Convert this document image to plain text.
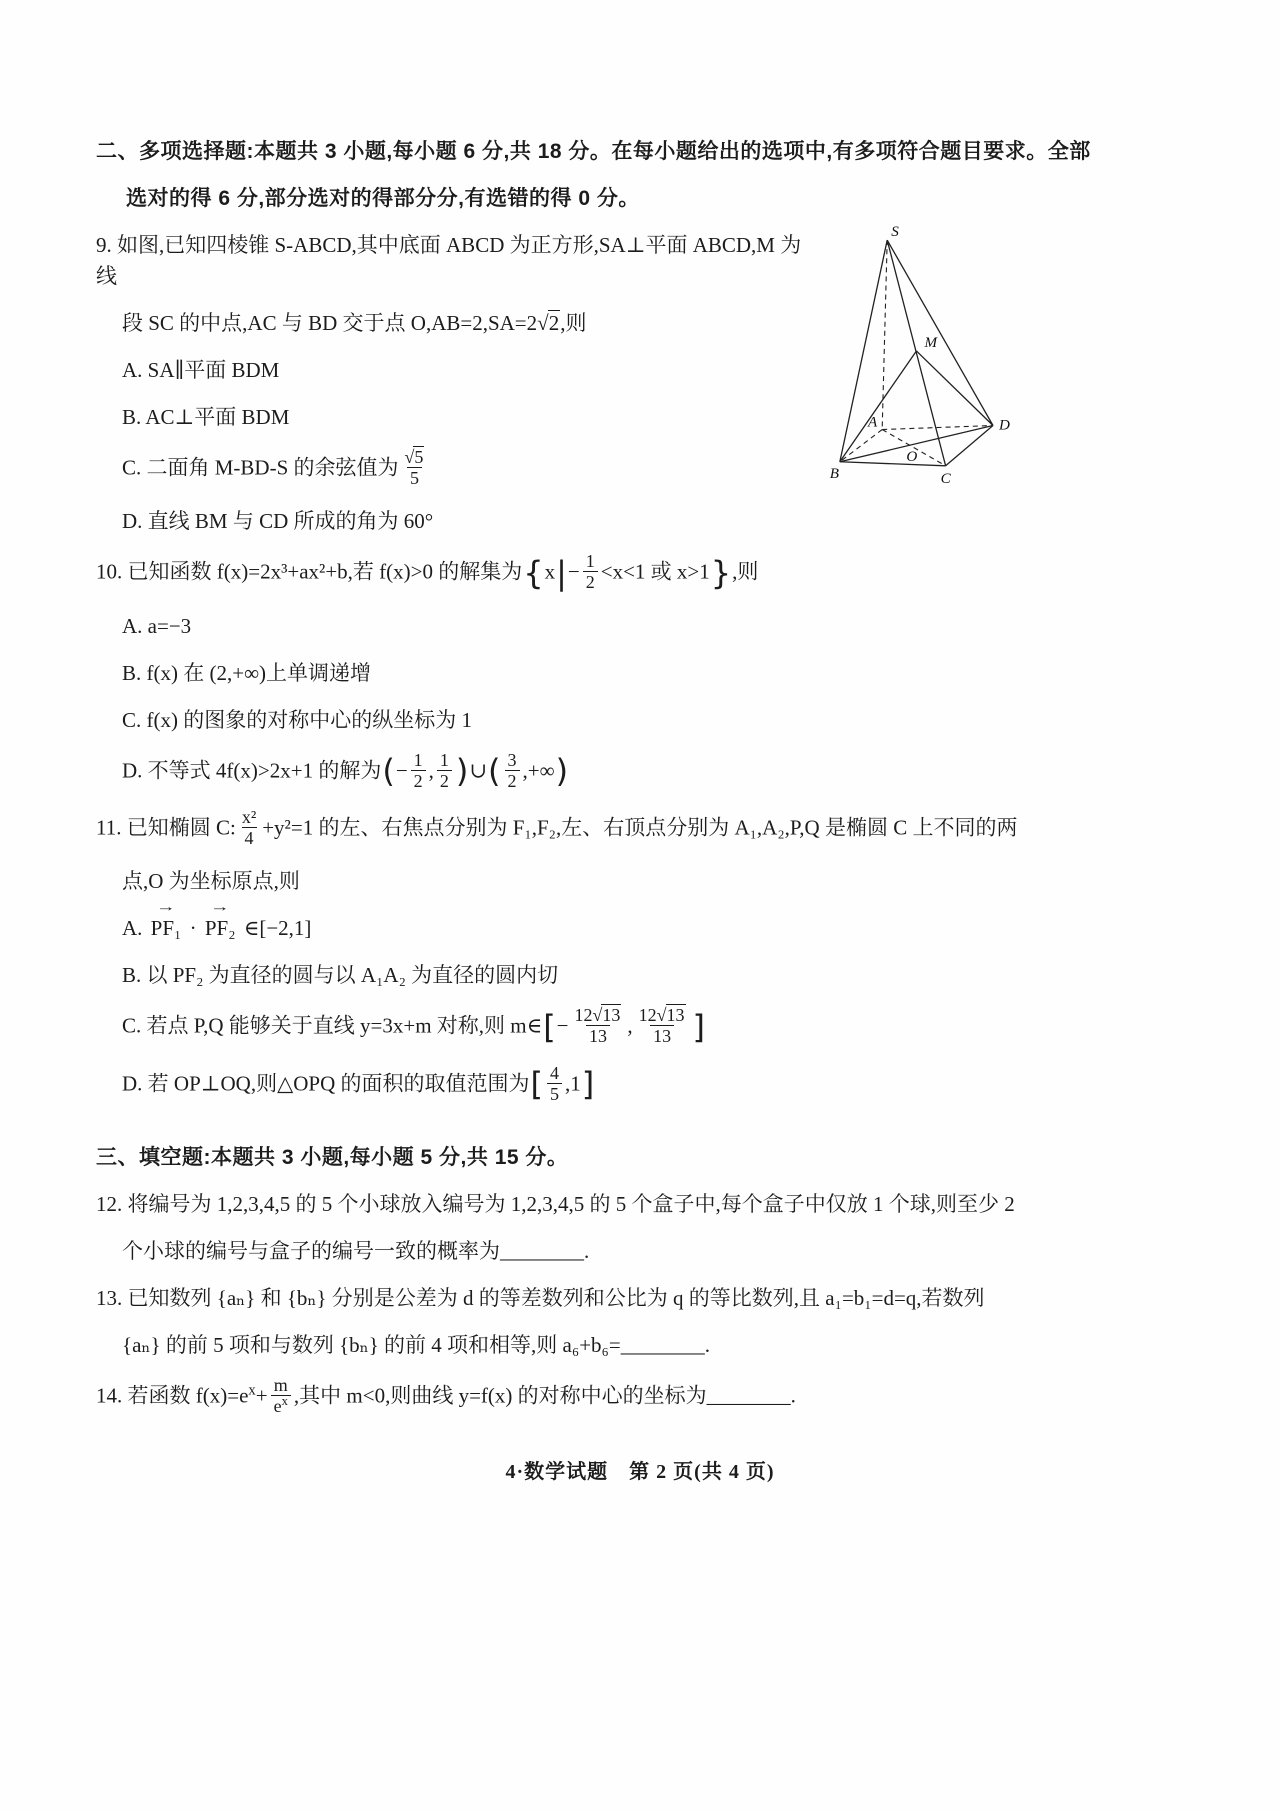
二、多项选择题:本题共 3 小题,每小题 6 分,共 18 分。在每小题给出的选项中,有多项符合题目要求。全部
选对的得 6 分,部分选对的得部分分,有选错的得 0 分。
9. 如图,已知四棱锥 S-ABCD,其中底面 ABCD 为正方形,SA⊥平面 ABCD,M 为线
段 SC 的中点,AC 与 BD 交于点 O,AB=2,SA=2√2,则
A. SA∥平面 BDM
B. AC⊥平面 BDM
C. 二面角 M-BD-S 的余弦值为 $\frac{√5}{5}$
D. 直线 BM 与 CD 所成的角为 60°
10. 已知函数 f(x)=2x³+ax²+b,若 f(x)>0 的解集为{$x|- \frac{1}{2} <x<1$ 或 x>1},则
A. a=−3
B. f(x) 在 (2,+∞)上单调递增
C. f(x) 的图象的对称中心的纵坐标为 1
D. 不等式 4f(x)>2x+1 的解为(− $\frac{1}{2}$ , $\frac{1}{2}$ )∪( $\frac{3}{2}$ ,+∞)
11. 已知椭圆 C: $\frac{\text{x²}}{4} +y^2=1$ 的左、右焦点分别为 F₁,F₂,左、右顶点分别为 A₁,A₂,P,Q 是椭圆 C 上不同的两
点,O 为坐标原点,则
A. PF₁ → · PF₂ → ∈[−2,1]
B. 以 PF₂ 为直径的圆与以 A₁A₂ 为直径的圆内切
C. 若点 P,Q 能够关于直线 y=3x+m 对称,则 m∈[− $\frac{12√13}{13}$ , $\frac{12√13}{13}$ ]
D. 若 OP⊥OQ,则△OPQ 的面积的取值范围为[ $\frac{4}{5} ,1$]
三、填空题:本题共 3 小题,每小题 5 分,共 15 分。
12. 将编号为 1,2,3,4,5 的 5 个小球放入编号为 1,2,3,4,5 的 5 个盒子中,每个盒子中仅放 1 个球,则至少 2
个小球的编号与盒子的编号一致的概率为________.
13. 已知数列 {aₙ} 和 {bₙ} 分别是公差为 d 的等差数列和公比为 q 的等比数列,且 a₁=b₁=d=q,若数列
{aₙ} 的前 5 项和与数列 {bₙ} 的前 4 项和相等,则 a₆+b₆=________.
14. 若函数 $f(x)=e^x+ \frac{m}{e^x}$ ,其中 m<0,则曲线 y=f(x) 的对称中心的坐标为________.
S
M
A
B	C
D
O
4·数学试题　第 2 页(共 4 页)
